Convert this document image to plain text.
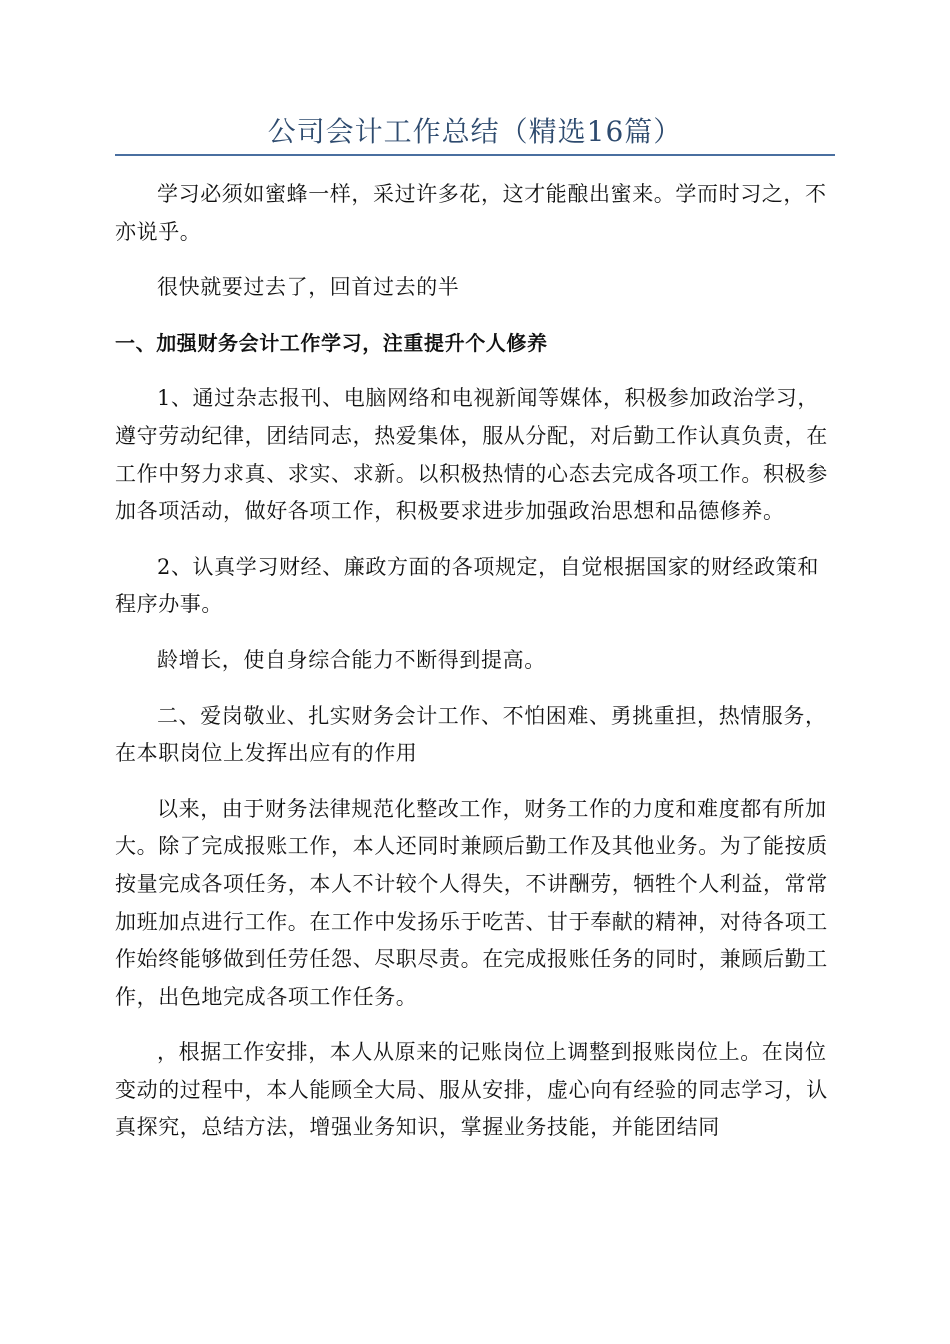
公司会计工作总结（精选16篇）

学习必须如蜜蜂一样，采过许多花，这才能酿出蜜来。学而时习之，不亦说乎。

很快就要过去了，回首过去的半

一、加强财务会计工作学习，注重提升个人修养

1、通过杂志报刊、电脑网络和电视新闻等媒体，积极参加政治学习，遵守劳动纪律，团结同志，热爱集体，服从分配，对后勤工作认真负责，在工作中努力求真、求实、求新。以积极热情的心态去完成各项工作。积极参加各项活动，做好各项工作，积极要求进步加强政治思想和品德修养。

2、认真学习财经、廉政方面的各项规定，自觉根据国家的财经政策和程序办事。

龄增长，使自身综合能力不断得到提高。

二、爱岗敬业、扎实财务会计工作、不怕困难、勇挑重担，热情服务，在本职岗位上发挥出应有的作用

以来，由于财务法律规范化整改工作，财务工作的力度和难度都有所加大。除了完成报账工作，本人还同时兼顾后勤工作及其他业务。为了能按质按量完成各项任务，本人不计较个人得失，不讲酬劳，牺牲个人利益，常常加班加点进行工作。在工作中发扬乐于吃苦、甘于奉献的精神，对待各项工作始终能够做到任劳任怨、尽职尽责。在完成报账任务的同时，兼顾后勤工作，出色地完成各项工作任务。

，根据工作安排，本人从原来的记账岗位上调整到报账岗位上。在岗位变动的过程中，本人能顾全大局、服从安排，虚心向有经验的同志学习，认真探究，总结方法，增强业务知识，掌握业务技能，并能团结同
